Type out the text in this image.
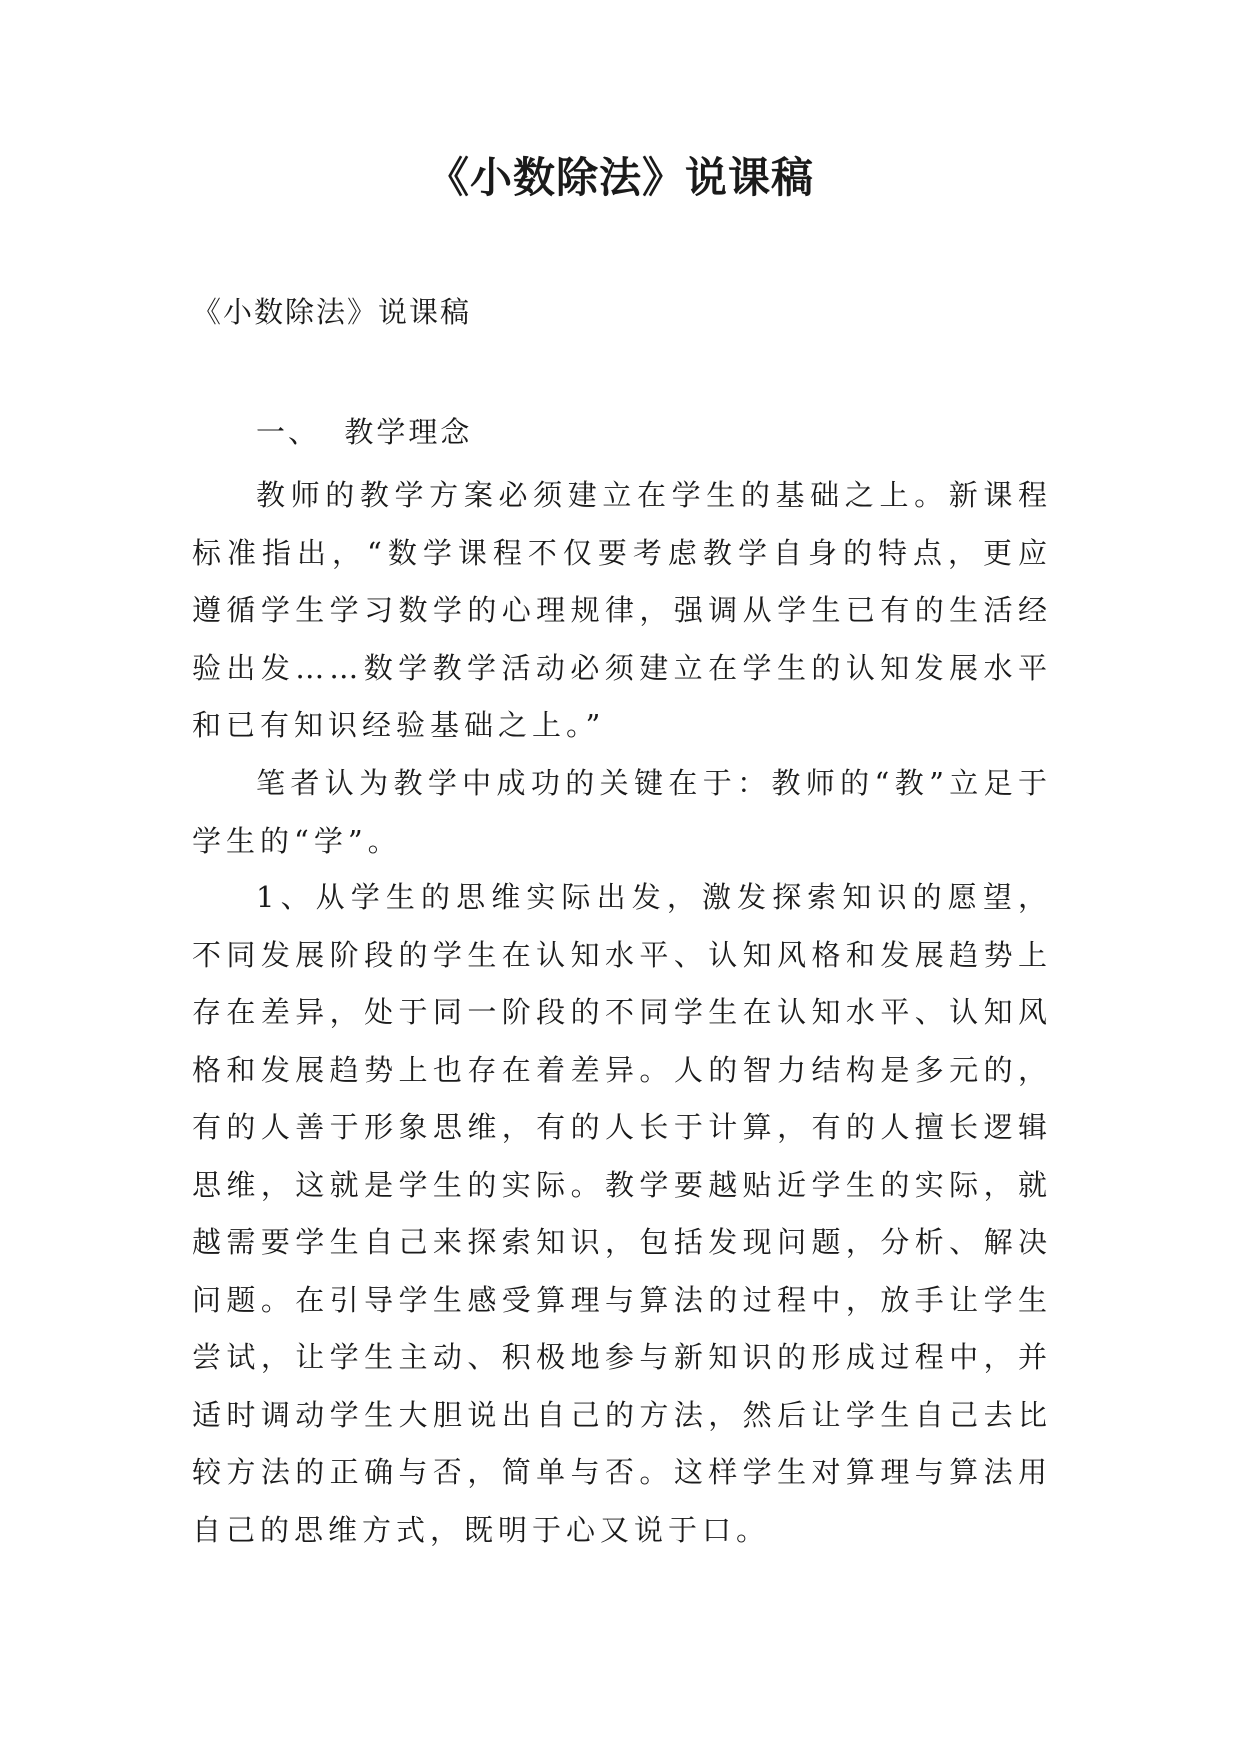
《小数除法》说课稿
《小数除法》说课稿
一、  教学理念

教师的教学方案必须建立在学生的基础之上。新课程标准指出，“数学课程不仅要考虑教学自身的特点，更应遵循学生学习数学的心理规律，强调从学生已有的生活经验出发……数学教学活动必须建立在学生的认知发展水平和已有知识经验基础之上。”

笔者认为教学中成功的关键在于：教师的“教”立足于学生的“学”。

1、从学生的思维实际出发，激发探索知识的愿望，不同发展阶段的学生在认知水平、认知风格和发展趋势上存在差异，处于同一阶段的不同学生在认知水平、认知风格和发展趋势上也存在着差异。人的智力结构是多元的，有的人善于形象思维，有的人长于计算，有的人擅长逻辑思维，这就是学生的实际。教学要越贴近学生的实际，就越需要学生自己来探索知识，包括发现问题，分析、解决问题。在引导学生感受算理与算法的过程中，放手让学生尝试，让学生主动、积极地参与新知识的形成过程中，并适时调动学生大胆说出自己的方法，然后让学生自己去比较方法的正确与否，简单与否。这样学生对算理与算法用自己的思维方式，既明于心又说于口。
